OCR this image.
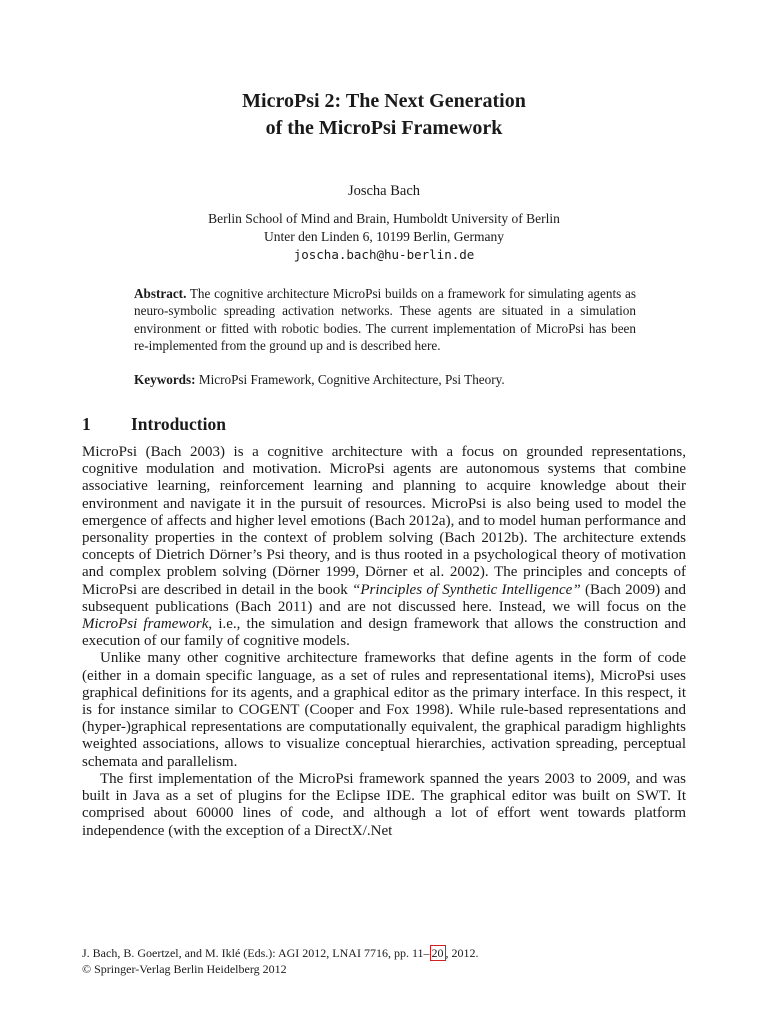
MicroPsi 2: The Next Generation
of the MicroPsi Framework
Joscha Bach
Berlin School of Mind and Brain, Humboldt University of Berlin
Unter den Linden 6, 10199 Berlin, Germany
joscha.bach@hu-berlin.de
Abstract. The cognitive architecture MicroPsi builds on a framework for simulating agents as neuro-symbolic spreading activation networks. These agents are situated in a simulation environment or fitted with robotic bodies. The current implementation of MicroPsi has been re-implemented from the ground up and is described here.
Keywords: MicroPsi Framework, Cognitive Architecture, Psi Theory.
1 Introduction

MicroPsi (Bach 2003) is a cognitive architecture with a focus on grounded representations, cognitive modulation and motivation. MicroPsi agents are autonomous systems that combine associative learning, reinforcement learning and planning to acquire knowledge about their environment and navigate it in the pursuit of resources. MicroPsi is also being used to model the emergence of affects and higher level emotions (Bach 2012a), and to model human performance and personality properties in the context of problem solving (Bach 2012b). The architecture extends concepts of Dietrich Dörner’s Psi theory, and is thus rooted in a psychological theory of motivation and complex problem solving (Dörner 1999, Dörner et al. 2002). The principles and concepts of MicroPsi are described in detail in the book “Principles of Synthetic Intelligence” (Bach 2009) and subsequent publications (Bach 2011) and are not discussed here. Instead, we will focus on the MicroPsi framework, i.e., the simulation and design framework that allows the construction and execution of our family of cognitive models.

Unlike many other cognitive architecture frameworks that define agents in the form of code (either in a domain specific language, as a set of rules and representational items), MicroPsi uses graphical definitions for its agents, and a graphical editor as the primary interface. In this respect, it is for instance similar to COGENT (Cooper and Fox 1998). While rule-based representations and (hyper-)graphical representations are computationally equivalent, the graphical paradigm highlights weighted associations, allows to visualize conceptual hierarchies, activation spreading, perceptual schemata and parallelism.

The first implementation of the MicroPsi framework spanned the years 2003 to 2009, and was built in Java as a set of plugins for the Eclipse IDE. The graphical editor was built on SWT. It comprised about 60000 lines of code, and although a lot of effort went towards platform independence (with the exception of a DirectX/.Net

J. Bach, B. Goertzel, and M. Iklé (Eds.): AGI 2012, LNAI 7716, pp. 11– 20 , 2012.
© Springer-Verlag Berlin Heidelberg 2012
